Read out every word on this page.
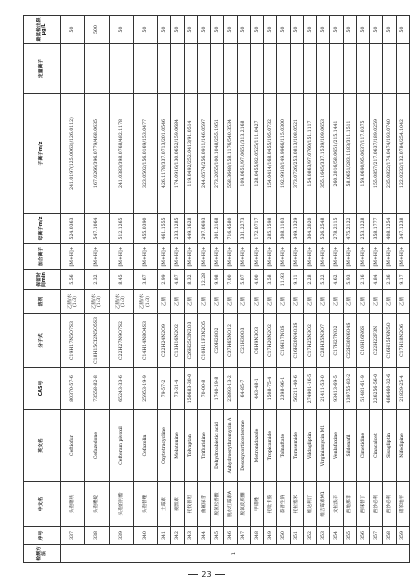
检测方法	序号	中文名	英文名	CAS号	分子式	溶剂	保留时间min	加合离子	母离子m/z	子离子m/z	定量离子	最低检出限μg/L
1	337	头孢噻呋	Ceftiofur	80370-57-6	C19H17N5O7S3	乙腈/水(1:3)	5.56	[M+H]+	524.0363	241.0197(125.0063)/126.0112)		50
	338	头孢唑啶	Cefazedone	73558-82-8	C18H15Cl2N5O5S3	乙腈/水(1:3)	2.32	[M+H]+	547.1064	167.0266/396.0779/468.0635		500
	339	头孢泊肟酯	Cefteram pivoxil	65243-33-6	C22H27N9O7S2	乙腈/水(1:3)	8.45	[M+H]+	512.1265	241.0383/398.0768/482.1178		50
	340	头孢替唑	Cefazolin	25953-19-9	C14H14N8O4S3	乙腈/水(1:3)	3.67	[M+H]+	455.0390	323.0502/156.0169/153.0477		50
	341	土霉素	Oxytetracycline	79-57-2	C22H24N2O9	乙腈	2.99	[M+H]+	461.1555	426.1178/337.0713/201.0546		50
	342	褪黑素	Melatonine	73-31-4	C13H16N2O2	乙腈	4.87	[M+H]+	233.1285	174.0916/130.0652/159.0684		50
	343	托伐普坦	Tolvaptan	150683-30-0	C26H25ClN2O3	乙腈	8.32	[M+H]+	449.1628	119.0492/252.0413/91.0514		50
	344	曲氟尿苷	Trifluridine	70-00-8	C10H11F3N2O5	乙腈	12.28	[M+H]+	297.0693	244.0574/256.0911/146.0597		50
	345	脱氢松香酸	Dehydroabietic acid	1740-19-8	C20H28O2	乙腈	9.98	[M+H]+	301.2168	273.2055/100.1048/255.1951		50
	346	脱水红霉素A	Anhydroerythromycin A	23893-13-2	C37H65NO12	乙腈	7.00	[M+H]+	716.4580	558.3648/158.1176/540.3534		50
	347	脱氧皮质酮	Desoxycorticosterone	64-85-7	C21H30O3	乙腈	5.07	[M+H]+	331.2273	109.0651/97.0651/313.2168		50
	348	甲硝唑	Metronidazole	443-48-1	C6H9N3O3	乙腈	4.00	[M+H]+	172.0717	128.0455/82.0525/111.0427		50
	349	托吡卡胺	Tropicamide	1508-75-4	C17H20N2O2	乙腈	3.58	[M+H]+	285.1598	154.0414/168.0455/195.0732		50
	350	萘普生钠	Tolnaftate	2398-96-1	C19H17NOS	乙腈	11.93	[M+H]+	308.1103	192.9918/149.9966/115.0300		50
	351	托拉塞米	Torasemide	56211-40-6	C16H20N4O3S	乙腈	9.11	[M+H]+	349.1329	373.0726/253.0813/108.0521		50
	352	维达利汀	Vildagliptin	274901-16-5	C17H25N3O2	乙腈	2.28	[M+H]+	304.2020	154.0863/97.0760/151.1117		50
	353	维吉霉素M1	Virginiamycin M1	21411-53-0	C28H35N3O7	乙腈	5.22	[M+H]+	526.2548	355.1645/337.1539/109.0653		50
	354	文拉法辛	Venlafaxine	93413-69-5	C17H27NO2	乙腈	4.62	[M+H]+	278.2115	260.2016/58.0651/215.1441		50
	355	西地那非	Sildenafil	139755-83-2	C22H30N6O4S	乙腈	5.93	[M+H]+	475.2122	58.0651/283.1183/311.1511		50
	356	西咪替丁	Cimetidine	51481-61-9	C10H16N6S	乙腈	2.16	[M+H]+	253.1228	159.0690/95.0637/117.0375		50
	357	西沙必利	Cinacalcet	226256-56-0	C22H22F3N	乙腈	4.84	[M+H]+	358.1777	155.0857/217.0637/189.0259		50
	358	西沙必利	Sisagliptin	486460-32-6	C16H15F6N5O	乙腈	2.36	[M+H]+	408.1254	235.0822/174.0474/193.0740		50
	359	硝苯地平	Nifedipine	21829-25-4	C17H18N2O6	乙腈	9.17	[M+H]+	347.1238	122.0232/132.0784/254.1042		50
23
